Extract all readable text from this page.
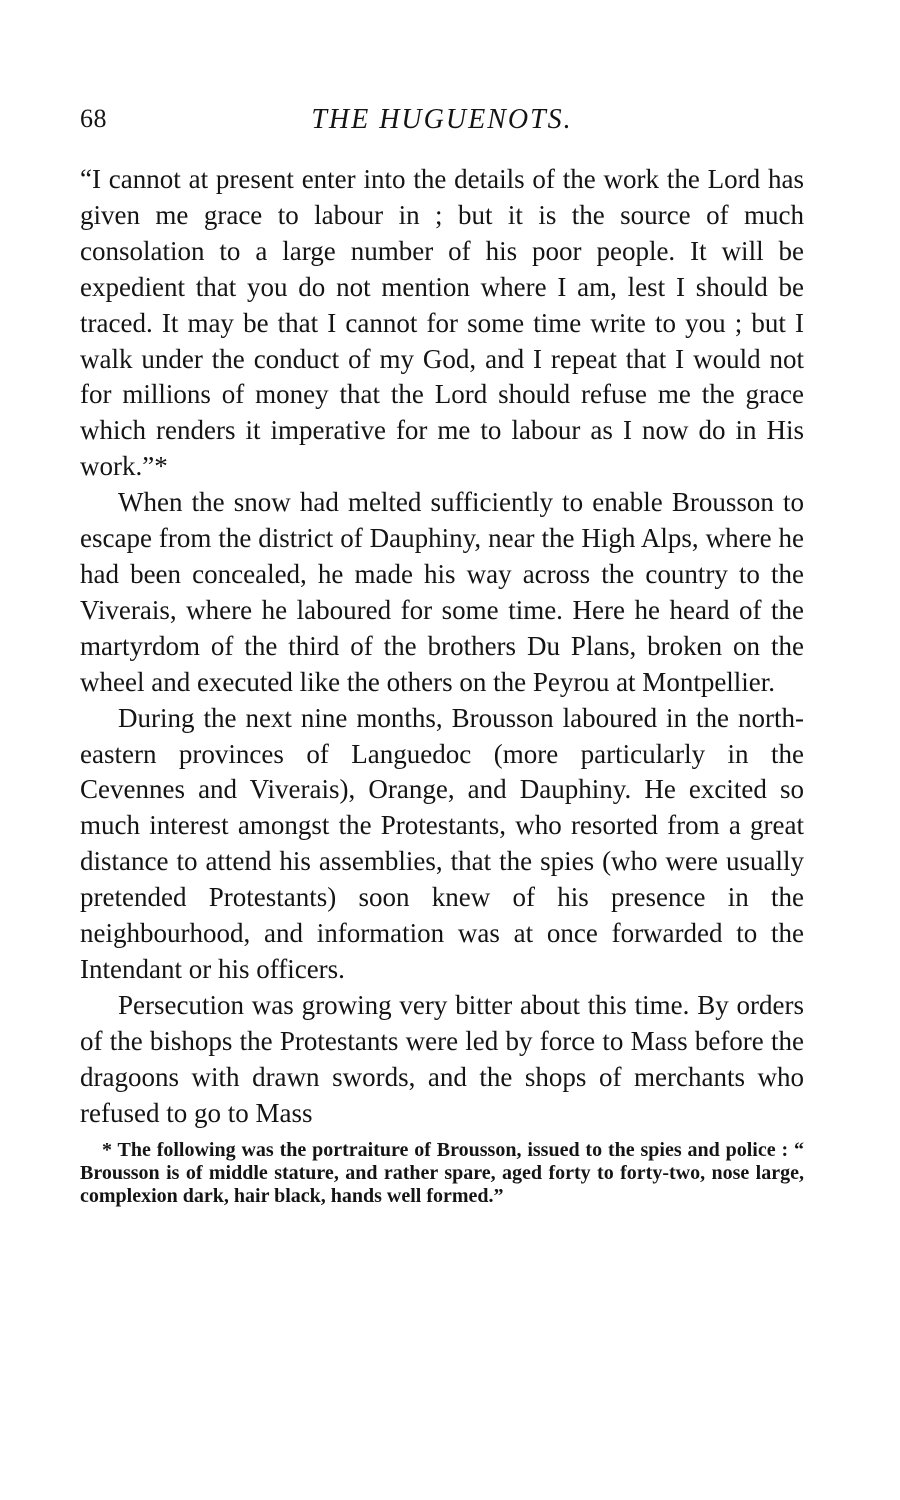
68	THE HUGUENOTS.

“I cannot at present enter into the details of the work the Lord has given me grace to labour in ; but it is the source of much consolation to a large number of his poor people. It will be expedient that you do not mention where I am, lest I should be traced. It may be that I cannot for some time write to you ; but I walk under the conduct of my God, and I repeat that I would not for millions of money that the Lord should refuse me the grace which renders it imperative for me to labour as I now do in His work.”*

When the snow had melted sufficiently to enable Brousson to escape from the district of Dauphiny, near the High Alps, where he had been concealed, he made his way across the country to the Viverais, where he laboured for some time. Here he heard of the martyrdom of the third of the brothers Du Plans, broken on the wheel and executed like the others on the Peyrou at Montpellier.

During the next nine months, Brousson laboured in the north-eastern provinces of Languedoc (more particularly in the Cevennes and Viverais), Orange, and Dauphiny. He excited so much interest amongst the Protestants, who resorted from a great distance to attend his assemblies, that the spies (who were usually pretended Protestants) soon knew of his presence in the neighbourhood, and information was at once forwarded to the Intendant or his officers.

Persecution was growing very bitter about this time. By orders of the bishops the Protestants were led by force to Mass before the dragoons with drawn swords, and the shops of merchants who refused to go to Mass

* The following was the portraiture of Brousson, issued to the spies and police : “ Brousson is of middle stature, and rather spare, aged forty to forty-two, nose large, complexion dark, hair black, hands well formed.”
